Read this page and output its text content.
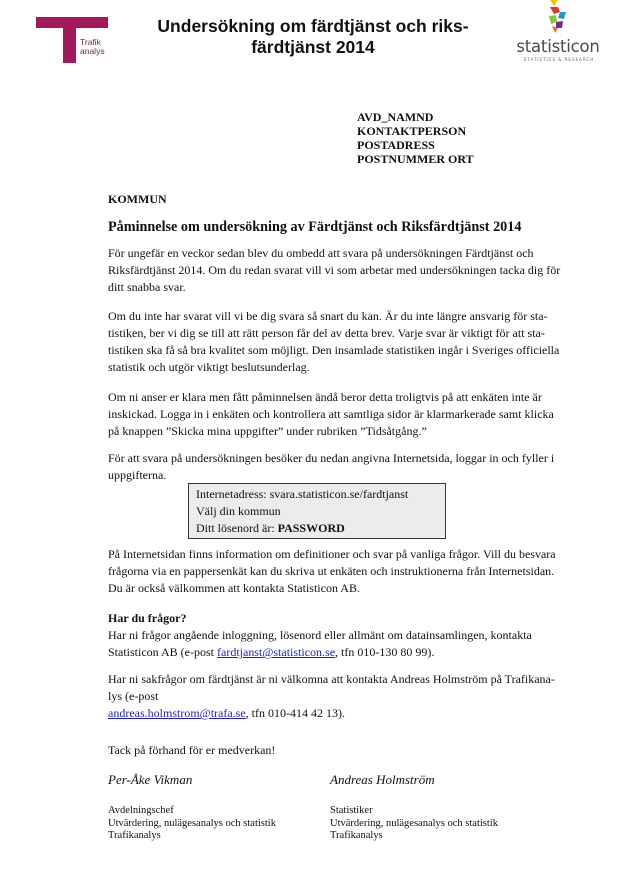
Trafik
analys
Undersökning om färdtjänst och riks-
färdtjänst 2014	statisticon
STATISTICS & RESEARCH
AVD_NAMND
KONTAKTPERSON
POSTADRESS
POSTNUMMER ORT
KOMMUN
Påminnelse om undersökning av Färdtjänst och Riksfärdtjänst 2014

För ungefär en veckor sedan blev du ombedd att svara på undersökningen Färdtjänst och

Riksfärdtjänst 2014. Om du redan svarat vill vi som arbetar med undersökningen tacka dig för

ditt snabba svar.

Om du inte har svarat vill vi be dig svara så snart du kan. Är du inte längre ansvarig för sta-

tistiken, ber vi dig se till att rätt person får del av detta brev. Varje svar är viktigt för att sta-

tistiken ska få så bra kvalitet som möjligt. Den insamlade statistiken ingår i Sveriges officiella

statistik och utgör viktigt beslutsunderlag.

Om ni anser er klara men fått påminnelsen ändå beror detta troligtvis på att enkäten inte är

inskickad. Logga in i enkäten och kontrollera att samtliga sidor är klarmarkerade samt klicka

på knappen ”Skicka mina uppgifter” under rubriken ”Tidsåtgång.”

För att svara på undersökningen besöker du nedan angivna Internetsida, loggar in och fyller i

uppgifterna.

Internetadress: svara.statisticon.se/fardtjanst
Välj din kommun
Ditt lösenord är: PASSWORD

På Internetsidan finns information om definitioner och svar på vanliga frågor. Vill du besvara

frågorna via en pappersenkät kan du skriva ut enkäten och instruktionerna från Internetsidan.

Du är också välkommen att kontakta Statisticon AB.

Har du frågor?

Har ni frågor angående inloggning, lösenord eller allmänt om datainsamlingen, kontakta

Statisticon AB (e-post fardtjanst@statisticon.se, tfn 010-130 80 99).

Har ni sakfrågor om färdtjänst är ni välkomna att kontakta Andreas Holmström på Trafikana-

lys (e-post

andreas.holmstrom@trafa.se, tfn 010-414 42 13).

Tack på förhand för er medverkan!
Per-Åke Vikman
Avdelningschef
Utvärdering, nulägesanalys och statistik
Trafikanalys
Andreas Holmström
Statistiker
Utvärdering, nulägesanalys och statistik
Trafikanalys
